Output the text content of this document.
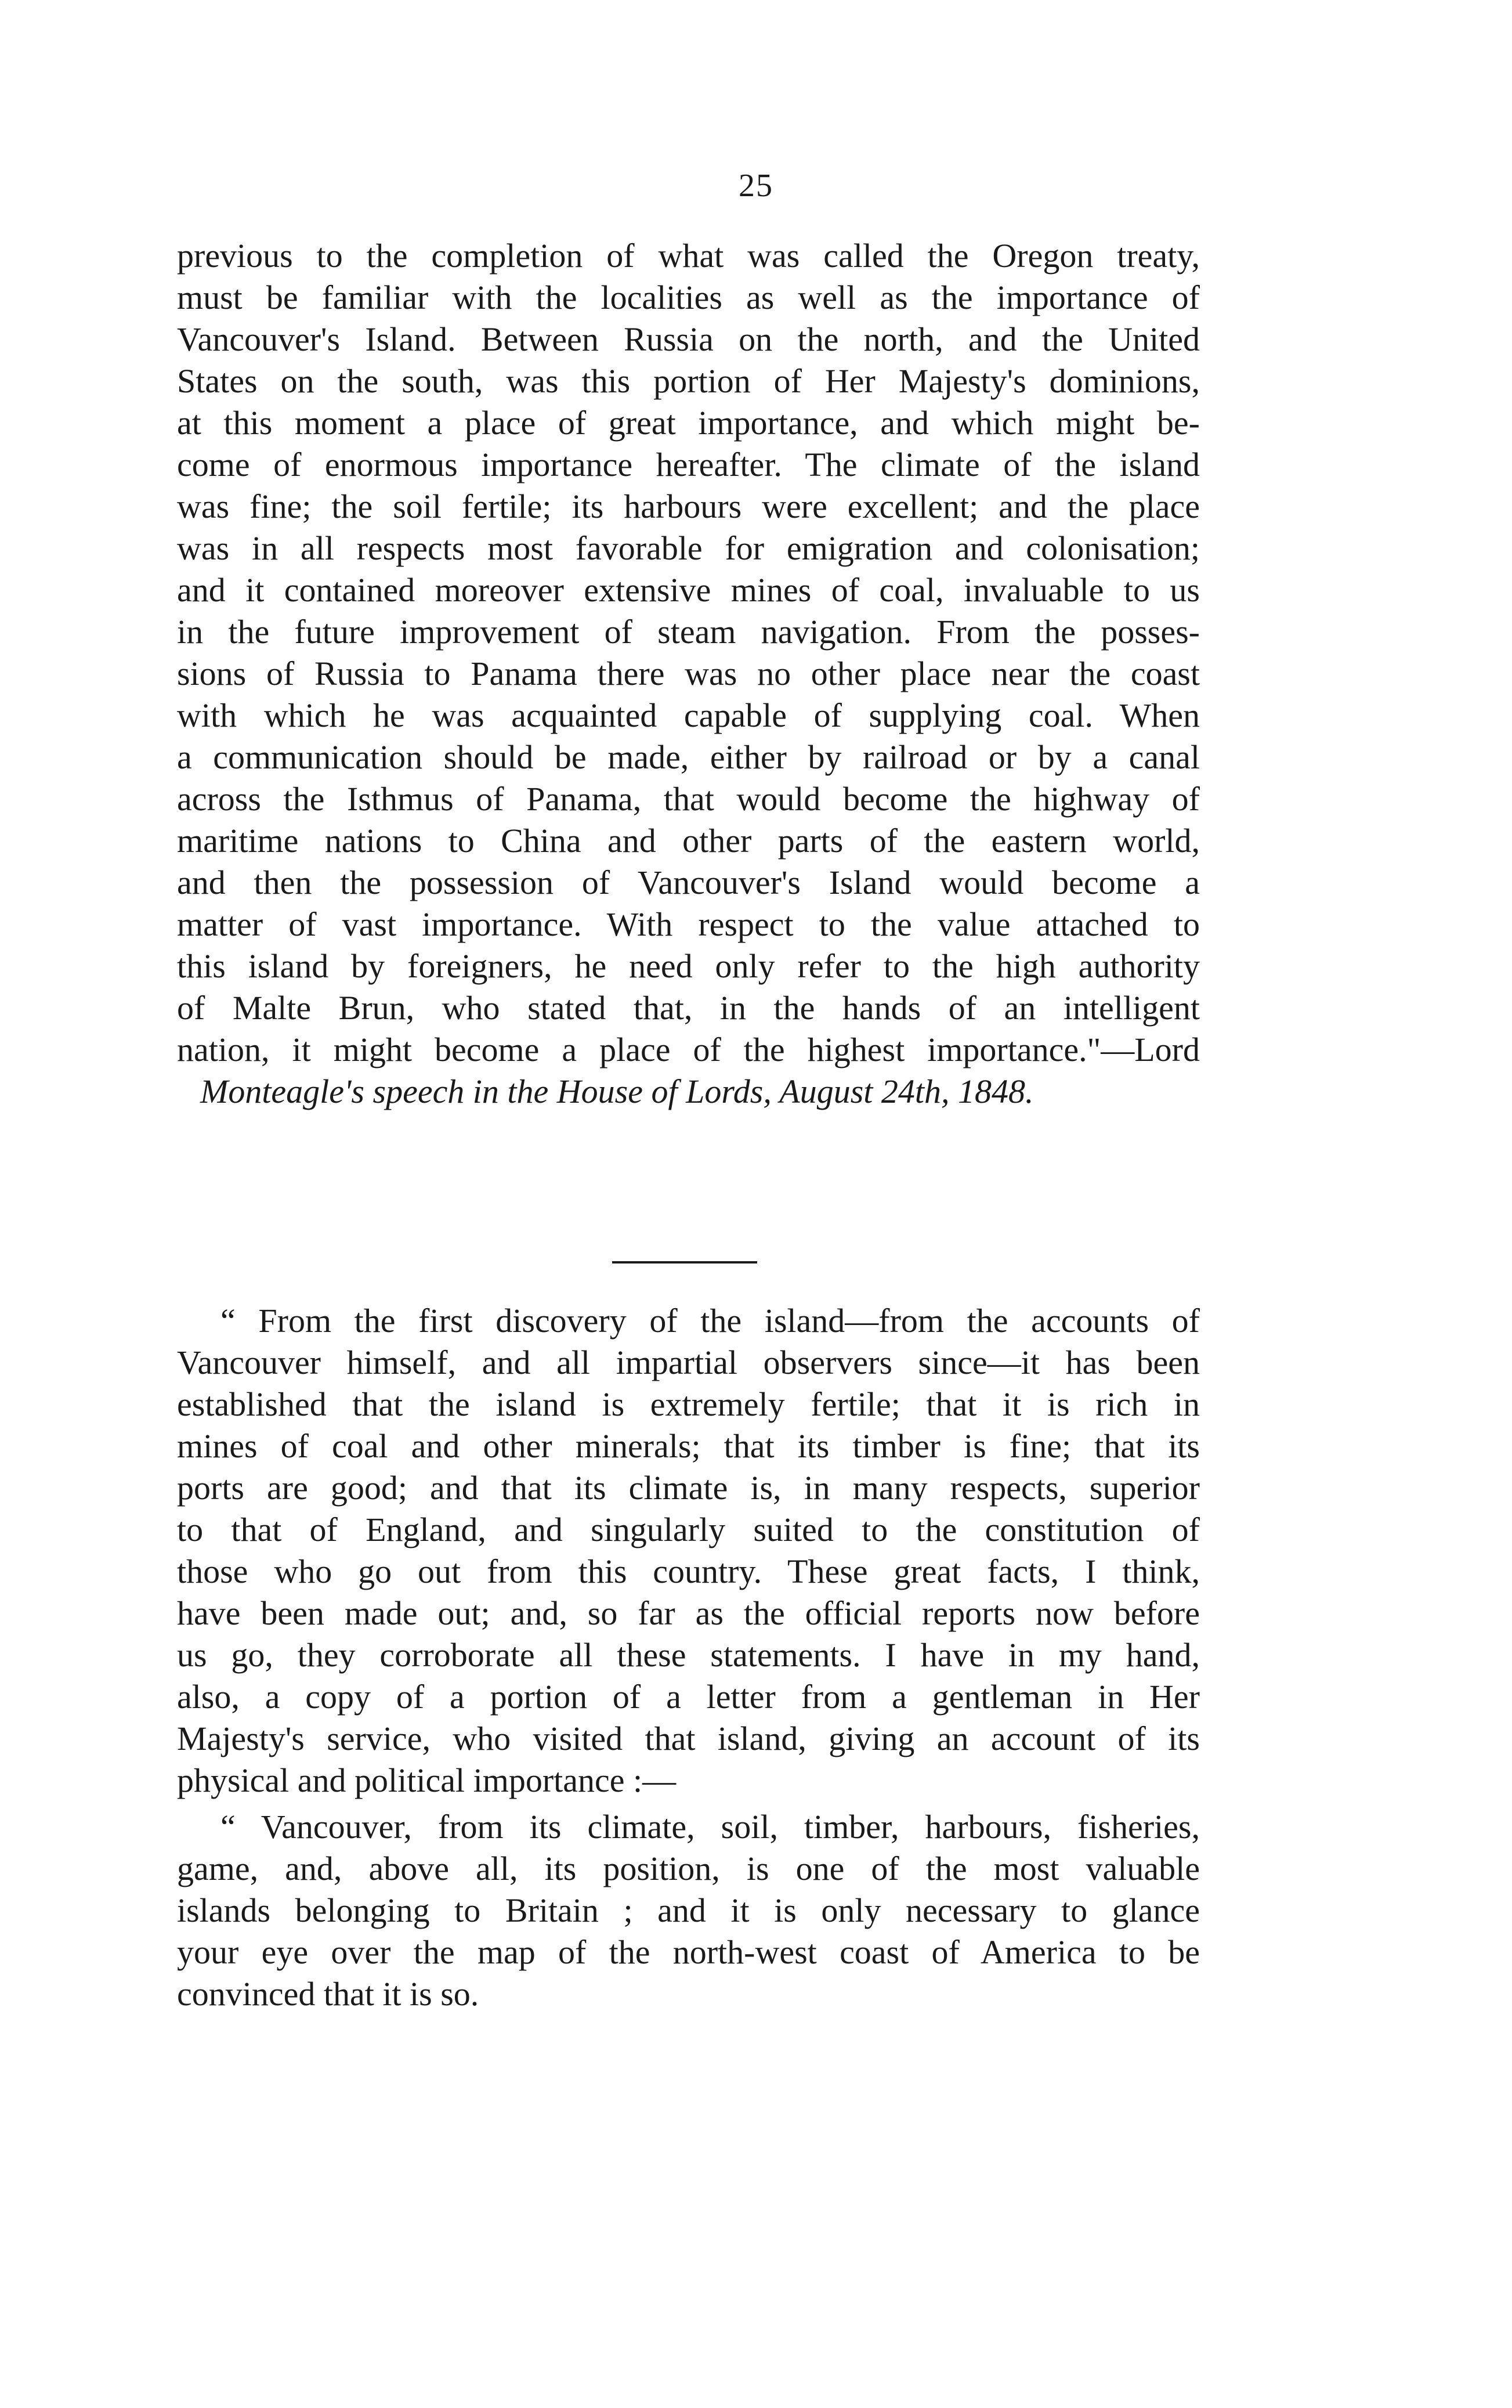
25
previous to the completion of what was called the Oregon treaty,
must be familiar with the localities as well as the importance of
Vancouver's Island. Between Russia on the north, and the United
States on the south, was this portion of Her Majesty's dominions,
at this moment a place of great importance, and which might be-
come of enormous importance hereafter. The climate of the island
was fine; the soil fertile; its harbours were excellent; and the place
was in all respects most favorable for emigration and colonisation;
and it contained moreover extensive mines of coal, invaluable to us
in the future improvement of steam navigation. From the posses-
sions of Russia to Panama there was no other place near the coast
with which he was acquainted capable of supplying coal. When
a communication should be made, either by railroad or by a canal
across the Isthmus of Panama, that would become the highway of
maritime nations to China and other parts of the eastern world,
and then the possession of Vancouver's Island would become a
matter of vast importance. With respect to the value attached to
this island by foreigners, he need only refer to the high authority
of Malte Brun, who stated that, in the hands of an intelligent
nation, it might become a place of the highest importance."—Lord
Monteagle's speech in the House of Lords, August 24th, 1848.
“ From the first discovery of the island—from the accounts of
Vancouver himself, and all impartial observers since—it has been
established that the island is extremely fertile; that it is rich in
mines of coal and other minerals; that its timber is fine; that its
ports are good; and that its climate is, in many respects, superior
to that of England, and singularly suited to the constitution of
those who go out from this country. These great facts, I think,
have been made out; and, so far as the official reports now before
us go, they corroborate all these statements. I have in my hand,
also, a copy of a portion of a letter from a gentleman in Her
Majesty's service, who visited that island, giving an account of its
physical and political importance :—
“ Vancouver, from its climate, soil, timber, harbours, fisheries,
game, and, above all, its position, is one of the most valuable
islands belonging to Britain ; and it is only necessary to glance
your eye over the map of the north-west coast of America to be
convinced that it is so.
